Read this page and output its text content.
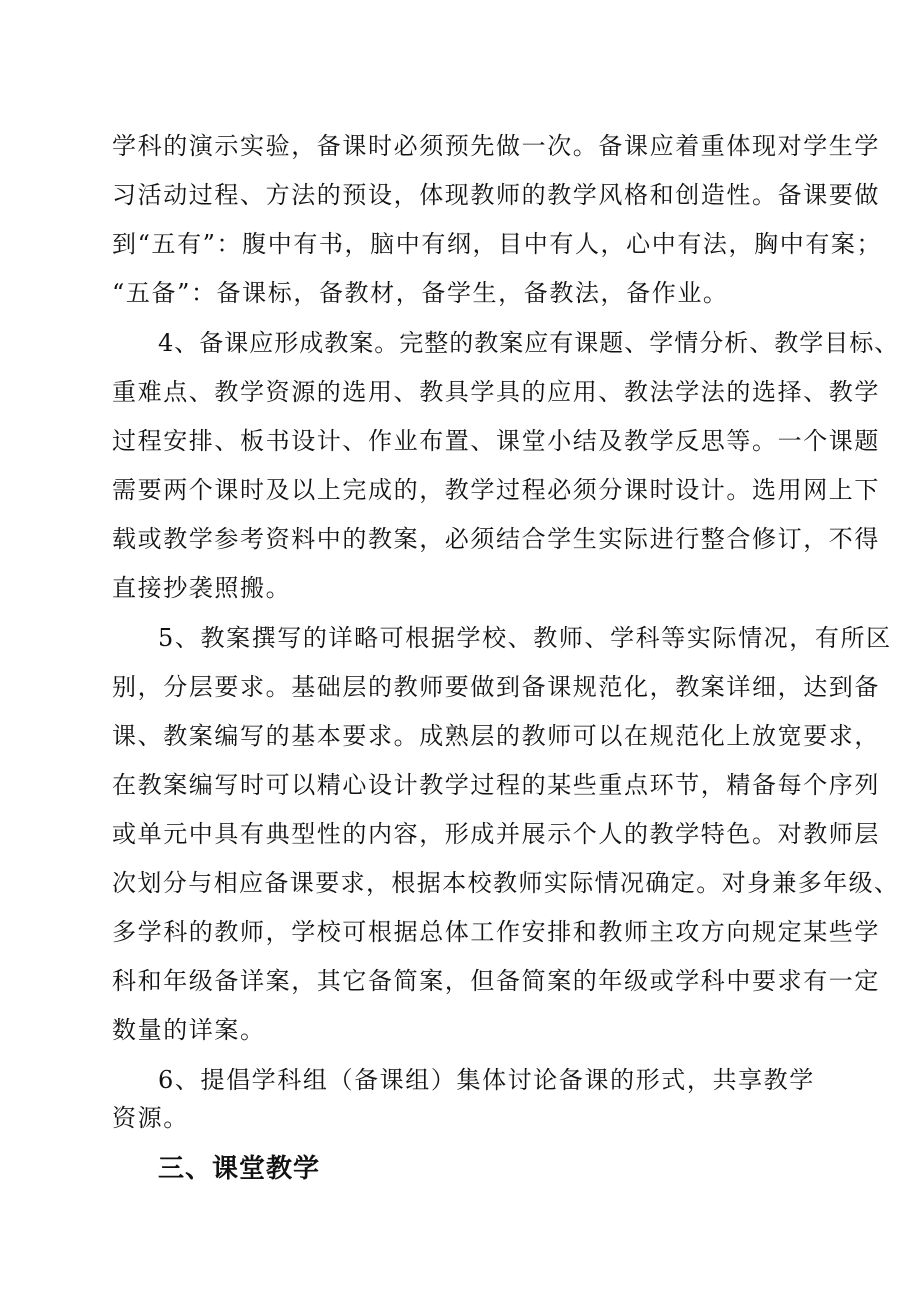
学科的演示实验，备课时必须预先做一次。备课应着重体现对学生学
习活动过程、方法的预设，体现教师的教学风格和创造性。备课要做
到“五有”：腹中有书，脑中有纲，目中有人，心中有法，胸中有案；
“五备”：备课标，备教材，备学生，备教法，备作业。
4、备课应形成教案。完整的教案应有课题、学情分析、教学目标、
重难点、教学资源的选用、教具学具的应用、教法学法的选择、教学
过程安排、板书设计、作业布置、课堂小结及教学反思等。一个课题
需要两个课时及以上完成的，教学过程必须分课时设计。选用网上下
载或教学参考资料中的教案，必须结合学生实际进行整合修订，不得
直接抄袭照搬。
5、教案撰写的详略可根据学校、教师、学科等实际情况，有所区
别，分层要求。基础层的教师要做到备课规范化，教案详细，达到备
课、教案编写的基本要求。成熟层的教师可以在规范化上放宽要求，
在教案编写时可以精心设计教学过程的某些重点环节，精备每个序列
或单元中具有典型性的内容，形成并展示个人的教学特色。对教师层
次划分与相应备课要求，根据本校教师实际情况确定。对身兼多年级、
多学科的教师，学校可根据总体工作安排和教师主攻方向规定某些学
科和年级备详案，其它备简案，但备简案的年级或学科中要求有一定
数量的详案。
6、提倡学科组（备课组）集体讨论备课的形式，共享教学
资源。
三、课堂教学
